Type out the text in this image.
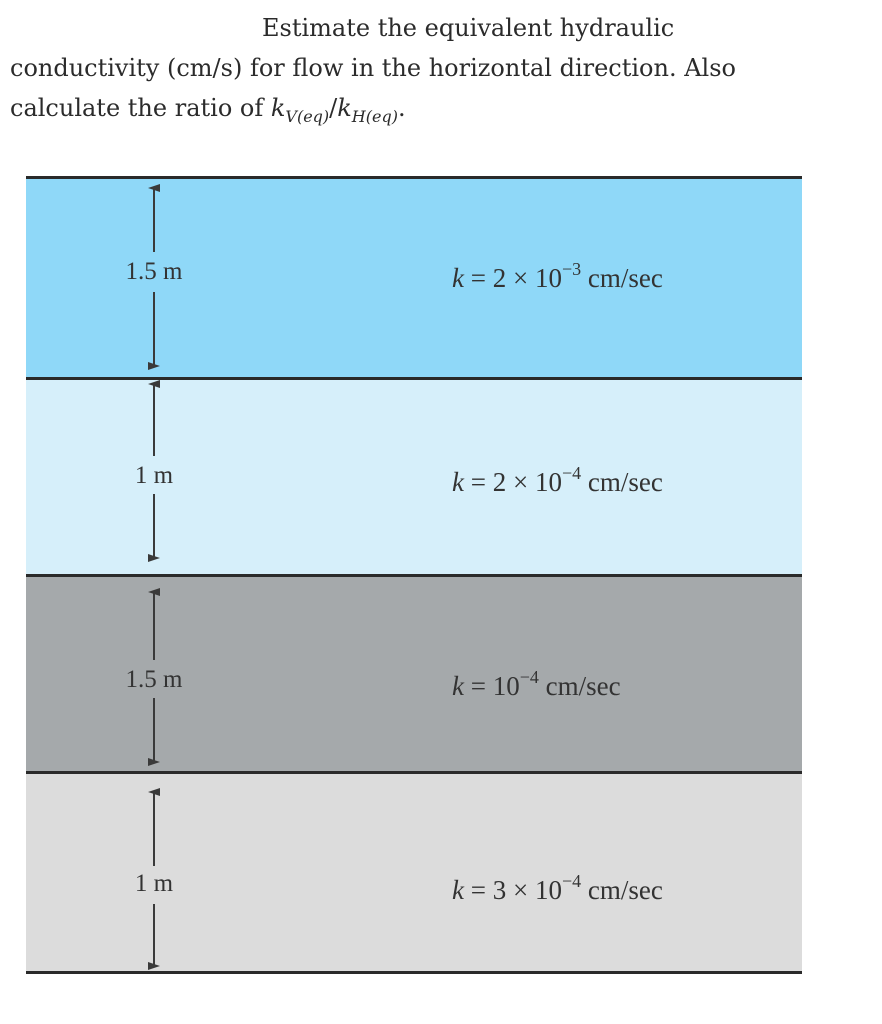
Estimate the equivalent hydraulic
conductivity (cm/s) for flow in the horizontal direction. Also
calculate the ratio of $k_{V(eq)}/k_{H(eq)}$.
1.5 m
1 m
1.5 m
1 m
$k = 2 \times 10^{-3}$ cm/sec
$k = 2 \times 10^{-4}$ cm/sec
$k = 10^{-4}$ cm/sec
$k = 3 \times 10^{-4}$ cm/sec
